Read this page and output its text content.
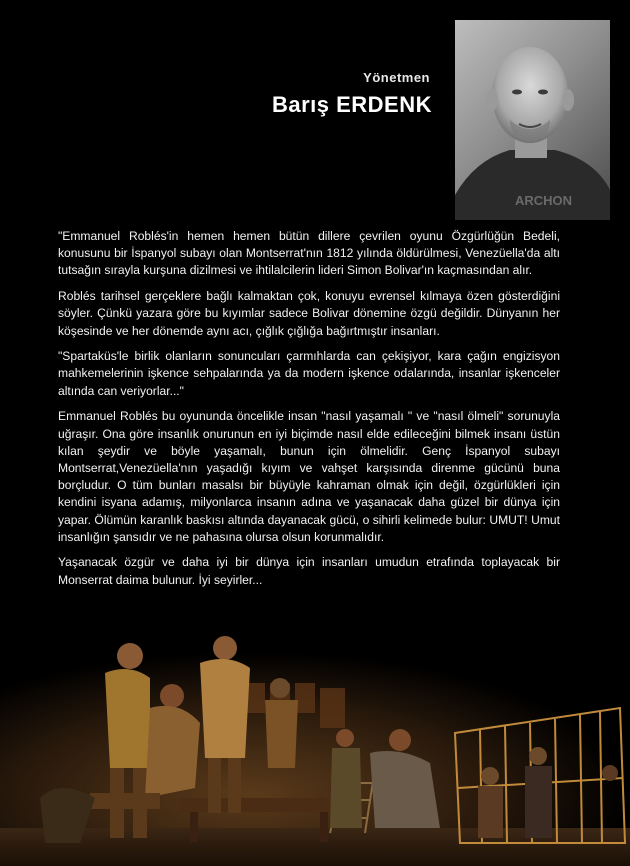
Yönetmen
Barış ERDENK
ARCHON

"Emmanuel Roblés'in hemen hemen bütün dillere çevrilen oyunu Özgürlüğün Bedeli, konusunu bir İspanyol subayı olan Montserrat'nın 1812 yılında öldürülmesi, Venezüella'da altı tutsağın sırayla kurşuna dizilmesi ve ihtilalcilerin lideri Simon Bolivar'ın kaçmasından alır.

Roblés tarihsel gerçeklere bağlı kalmaktan çok, konuyu evrensel kılmaya özen gösterdiğini söyler. Çünkü yazara göre bu kıyımlar sadece Bolivar dönemine özgü değildir. Dünyanın her köşesinde ve her dönemde aynı acı, çığlık çığlığa bağırtmıştır insanları.

"Spartaküs'le birlik olanların sonuncuları çarmıhlarda can çekişiyor, kara çağın engizisyon mahkemelerinin işkence sehpalarında ya da modern işkence odalarında, insanlar işkenceler altında can veriyorlar..."

Emmanuel Roblés bu oyununda öncelikle insan "nasıl yaşamalı " ve "nasıl ölmeli" sorunuyla uğraşır. Ona göre insanlık onurunun en iyi biçimde nasıl elde edileceğini bilmek insanı üstün kılan şeydir ve böyle yaşamalı, bunun için ölmelidir. Genç İspanyol subayı Montserrat,Venezüella'nın yaşadığı kıyım ve vahşet karşısında direnme gücünü buna borçludur. O tüm bunları masalsı bir büyüyle kahraman olmak için değil, özgürlükleri için kendini isyana adamış, milyonlarca insanın adına ve yaşanacak daha güzel bir dünya için yapar. Ölümün karanlık baskısı altında dayanacak gücü, o sihirli kelimede bulur: UMUT! Umut insanlığın şansıdır ve ne pahasına olursa olsun korunmalıdır.

Yaşanacak özgür ve daha iyi bir dünya için insanları umudun etrafında toplayacak bir Monserrat daima bulunur. İyi seyirler...
